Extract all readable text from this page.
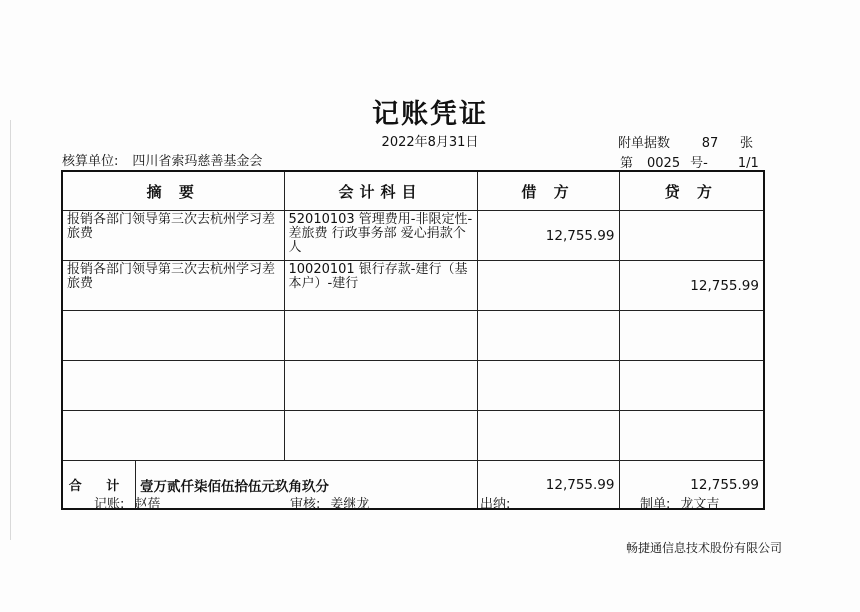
记账凭证
2022年8月31日	附单据数 87 张
核算单位: 四川省索玛慈善基金会	第 0025 号- 1/1
摘 要	会计科目	借 方	贷 方
报销各部门领导第三次去杭州学习差旅费	52010103 管理费用-非限定性-差旅费 行政事务部 爱心捐款个人	12,755.99	
报销各部门领导第三次去杭州学习差旅费	10020101 银行存款-建行（基本户）-建行		12,755.99

合 计 壹万贰仟柒佰伍拾伍元玖角玖分		12,755.99	12,755.99
记账: 赵蓓	审核: 姜继龙	出纳:	制单: 龙文吉
畅捷通信息技术股份有限公司
